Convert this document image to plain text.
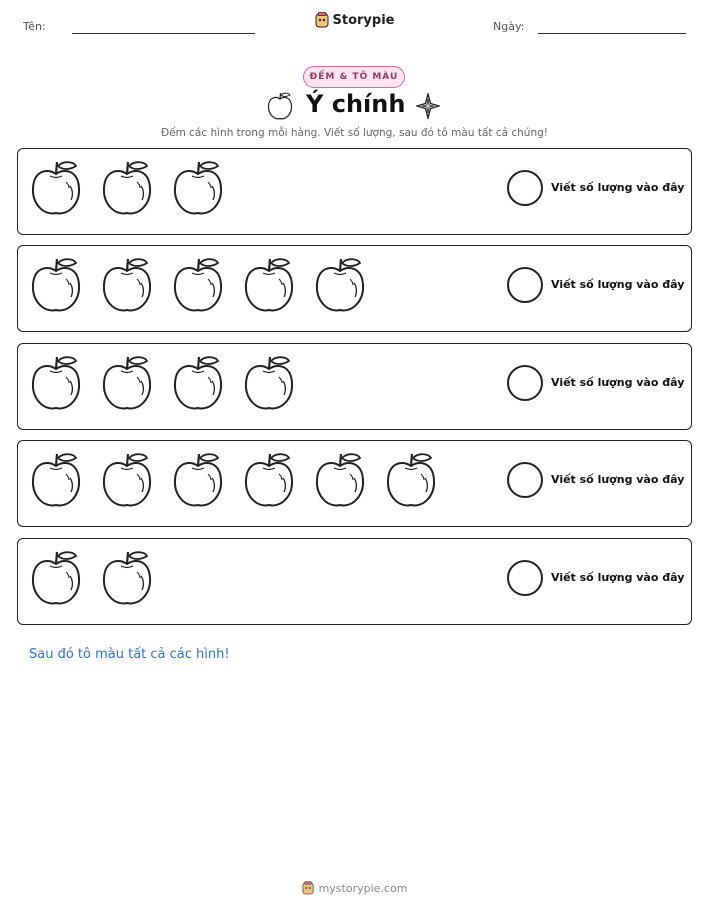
Tên:	Storypie	Ngày:
ĐẾM & TÔ MÀU
Ý chính
Đếm các hình trong mỗi hàng. Viết số lượng, sau đó tô màu tất cả chúng!
Viết số lượng vào đây
Viết số lượng vào đây
Viết số lượng vào đây
Viết số lượng vào đây
Viết số lượng vào đây
Sau đó tô màu tất cả các hình!
mystorypie.com
